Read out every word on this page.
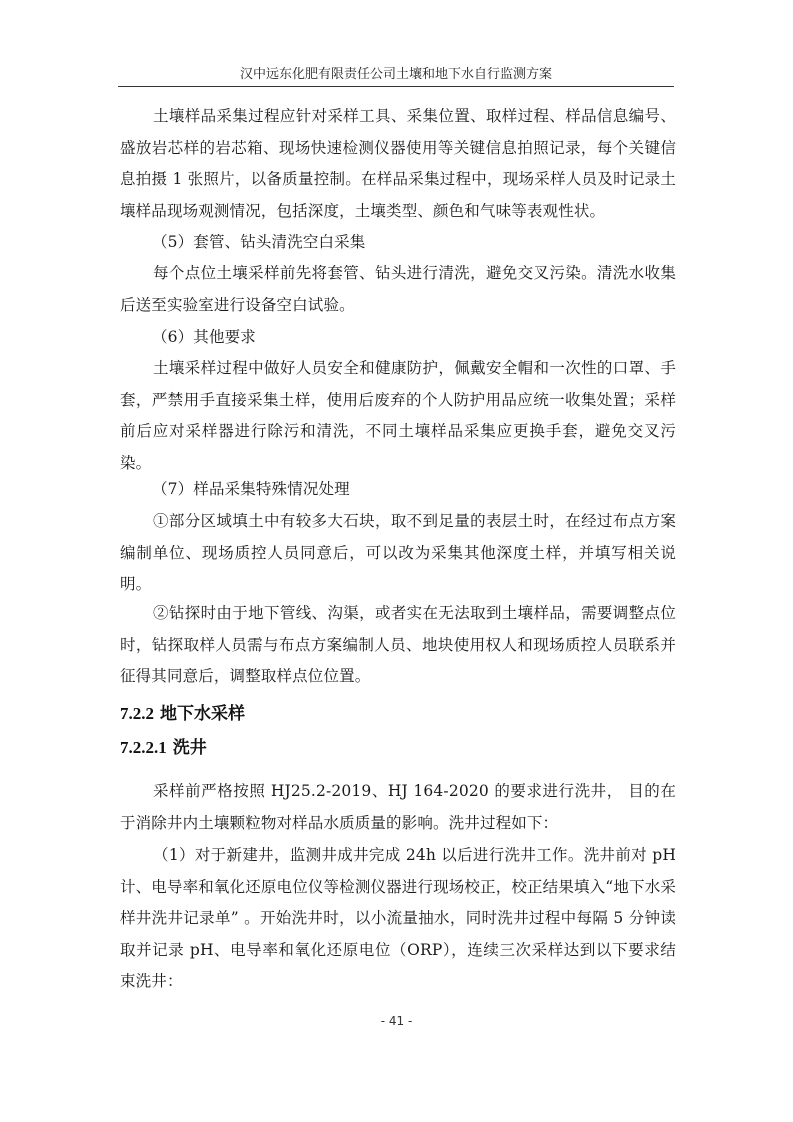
汉中远东化肥有限责任公司土壤和地下水自行监测方案

土壤样品采集过程应针对采样工具、采集位置、取样过程、样品信息编号、盛放岩芯样的岩芯箱、现场快速检测仪器使用等关键信息拍照记录，每个关键信息拍摄 1 张照片，以备质量控制。在样品采集过程中，现场采样人员及时记录土壤样品现场观测情况，包括深度，土壤类型、颜色和气味等表观性状。

（5）套管、钻头清洗空白采集

每个点位土壤采样前先将套管、钻头进行清洗，避免交叉污染。清洗水收集后送至实验室进行设备空白试验。

（6）其他要求

土壤采样过程中做好人员安全和健康防护，佩戴安全帽和一次性的口罩、手套，严禁用手直接采集土样，使用后废弃的个人防护用品应统一收集处置；采样前后应对采样器进行除污和清洗，不同土壤样品采集应更换手套，避免交叉污染。

（7）样品采集特殊情况处理

①部分区域填土中有较多大石块，取不到足量的表层土时，在经过布点方案编制单位、现场质控人员同意后，可以改为采集其他深度土样，并填写相关说明。

②钻探时由于地下管线、沟渠，或者实在无法取到土壤样品，需要调整点位时，钻探取样人员需与布点方案编制人员、地块使用权人和现场质控人员联系并征得其同意后，调整取样点位位置。

7.2.2 地下水采样
7.2.2.1 洗井

采样前严格按照 HJ25.2-2019、HJ 164-2020 的要求进行洗井， 目的在于消除井内土壤颗粒物对样品水质质量的影响。洗井过程如下：

（1）对于新建井，监测井成井完成 24h 以后进行洗井工作。洗井前对 pH 计、电导率和氧化还原电位仪等检测仪器进行现场校正，校正结果填入“地下水采样井洗井记录单” 。开始洗井时，以小流量抽水，同时洗井过程中每隔 5 分钟读取并记录 pH、电导率和氧化还原电位（ORP），连续三次采样达到以下要求结束洗井：

- 41 -
